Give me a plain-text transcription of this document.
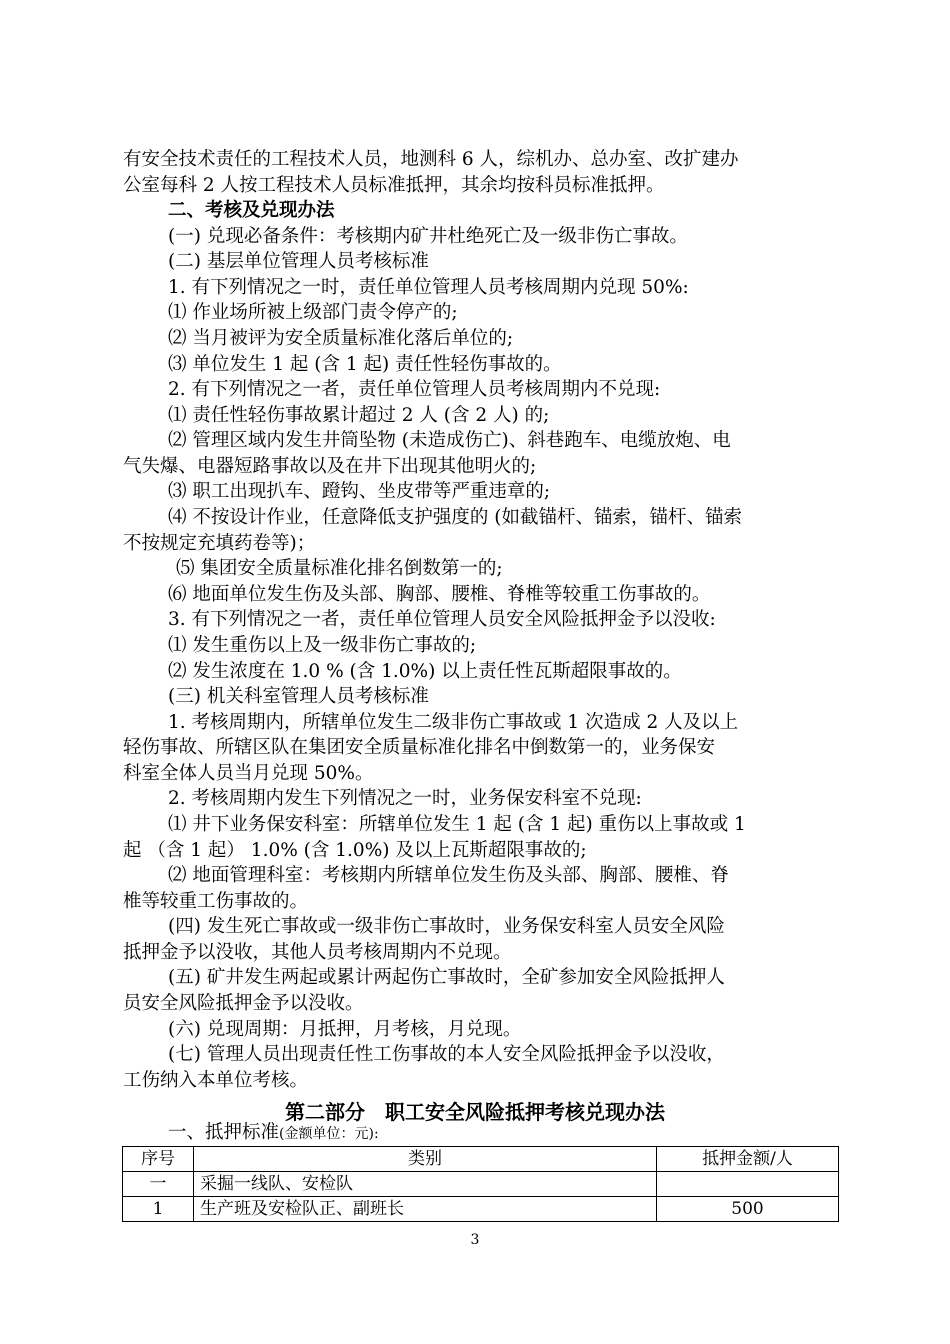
有安全技术责任的工程技术人员，地测科 6 人，综机办、总办室、改扩建办
公室每科 2 人按工程技术人员标准抵押，其余均按科员标准抵押。
二、考核及兑现办法
(一) 兑现必备条件：考核期内矿井杜绝死亡及一级非伤亡事故。
(二) 基层单位管理人员考核标准
1. 有下列情况之一时，责任单位管理人员考核周期内兑现 50%:
⑴ 作业场所被上级部门责令停产的;
⑵ 当月被评为安全质量标准化落后单位的;
⑶ 单位发生 1 起 (含 1 起) 责任性轻伤事故的。
2. 有下列情况之一者，责任单位管理人员考核周期内不兑现:
⑴ 责任性轻伤事故累计超过 2 人 (含 2 人) 的;
⑵ 管理区域内发生井筒坠物 (未造成伤亡)、斜巷跑车、电缆放炮、电
气失爆、电器短路事故以及在井下出现其他明火的;
⑶ 职工出现扒车、蹬钩、坐皮带等严重违章的;
⑷ 不按设计作业，任意降低支护强度的 (如截锚杆、锚索，锚杆、锚索
不按规定充填药卷等)；
⑸ 集团安全质量标准化排名倒数第一的;
⑹ 地面单位发生伤及头部、胸部、腰椎、脊椎等较重工伤事故的。
3. 有下列情况之一者，责任单位管理人员安全风险抵押金予以没收:
⑴ 发生重伤以上及一级非伤亡事故的;
⑵ 发生浓度在 1.0 % (含 1.0%) 以上责任性瓦斯超限事故的。
(三) 机关科室管理人员考核标准
1. 考核周期内，所辖单位发生二级非伤亡事故或 1 次造成 2 人及以上
轻伤事故、所辖区队在集团安全质量标准化排名中倒数第一的，业务保安
科室全体人员当月兑现 50%。
2. 考核周期内发生下列情况之一时，业务保安科室不兑现:
⑴ 井下业务保安科室：所辖单位发生 1 起 (含 1 起) 重伤以上事故或 1
起 （含 1 起） 1.0% (含 1.0%) 及以上瓦斯超限事故的;
⑵ 地面管理科室：考核期内所辖单位发生伤及头部、胸部、腰椎、脊
椎等较重工伤事故的。
(四) 发生死亡事故或一级非伤亡事故时，业务保安科室人员安全风险
抵押金予以没收，其他人员考核周期内不兑现。
(五) 矿井发生两起或累计两起伤亡事故时，全矿参加安全风险抵押人
员安全风险抵押金予以没收。
(六) 兑现周期：月抵押，月考核，月兑现。
(七) 管理人员出现责任性工伤事故的本人安全风险抵押金予以没收，
工伤纳入本单位考核。
第二部分　职工安全风险抵押考核兑现办法
一、抵押标准(金额单位：元):
序号	类别	抵押金额/人
一	采掘一线队、安检队	
1	生产班及安检队正、副班长	500
3
